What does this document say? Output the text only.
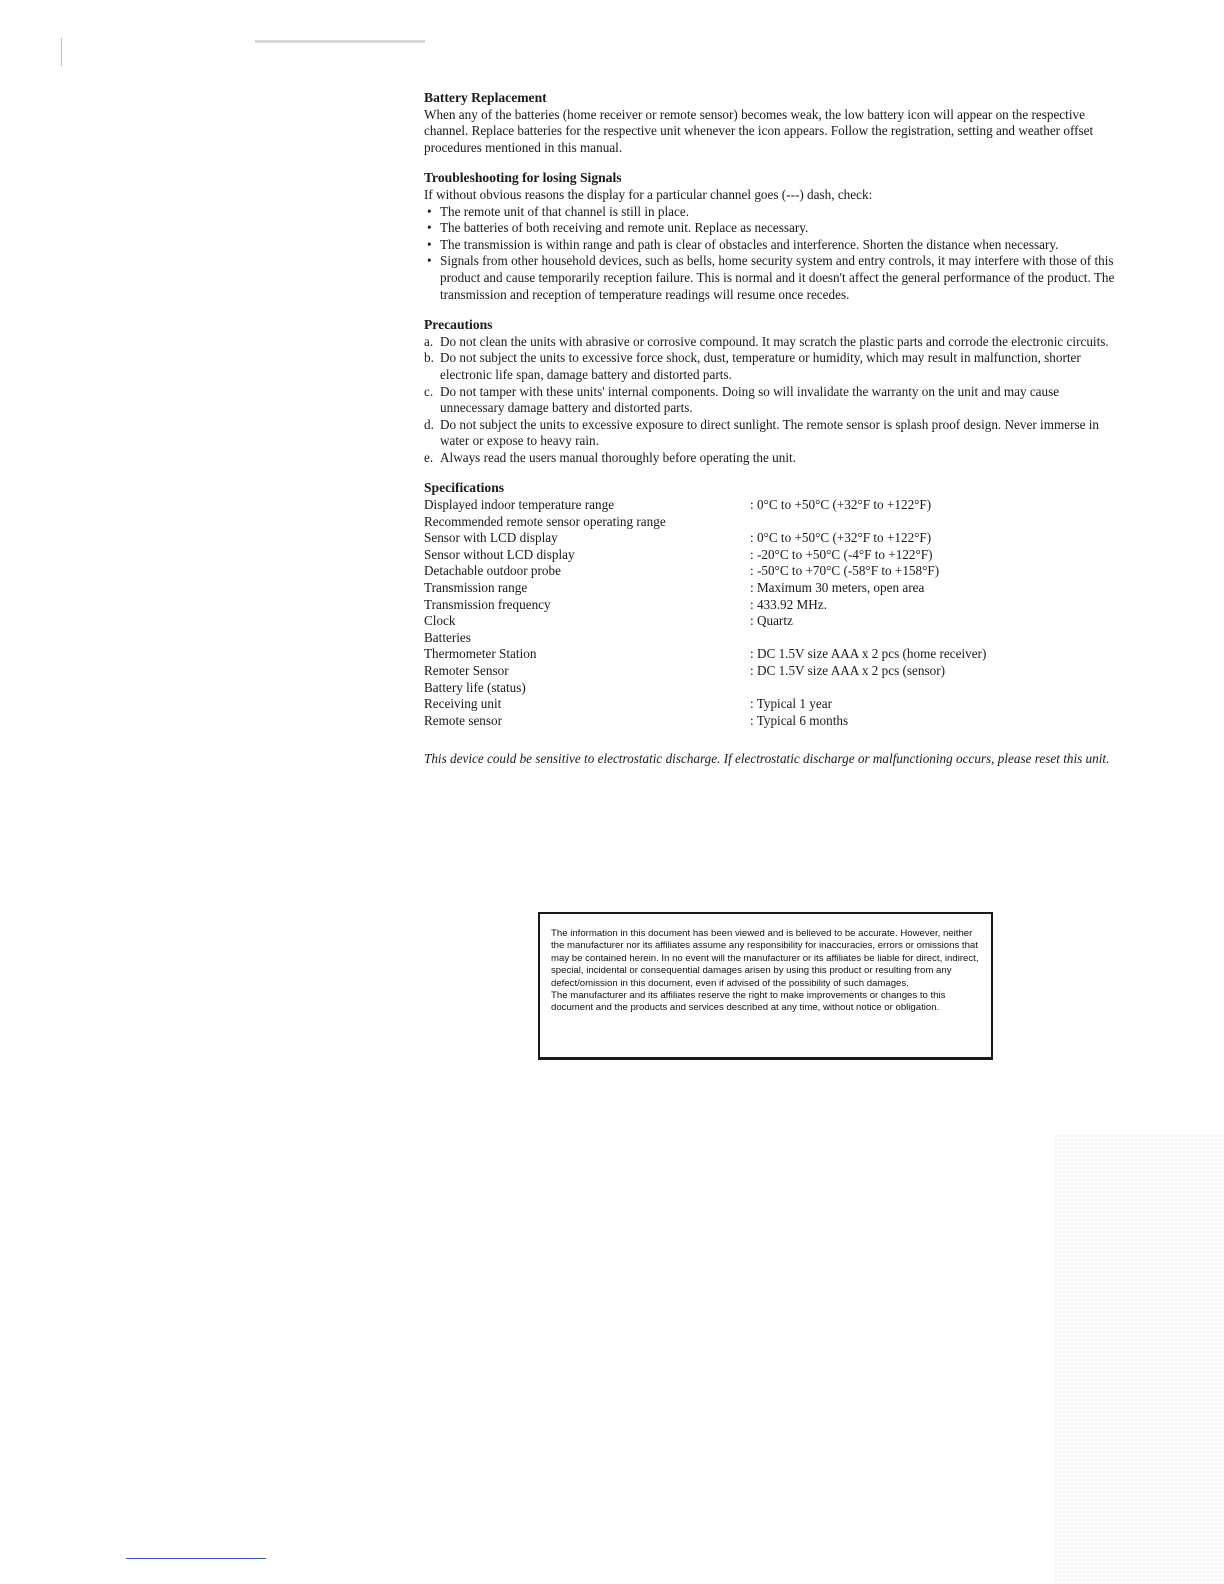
Battery Replacement

When any of the batteries (home receiver or remote sensor) becomes weak, the low battery icon will appear on the respective channel. Replace batteries for the respective unit whenever the icon appears. Follow the registration, setting and weather offset procedures mentioned in this manual.

Troubleshooting for losing Signals

If without obvious reasons the display for a particular channel goes (---) dash, check:

• The remote unit of that channel is still in place.
• The batteries of both receiving and remote unit. Replace as necessary.
• The transmission is within range and path is clear of obstacles and interference. Shorten the distance when necessary.
• Signals from other household devices, such as bells, home security system and entry controls, it may interfere with those of this product and cause temporarily reception failure. This is normal and it doesn't affect the general performance of the product. The transmission and reception of temperature readings will resume once recedes.

Precautions

a. Do not clean the units with abrasive or corrosive compound. It may scratch the plastic parts and corrode the electronic circuits.
b. Do not subject the units to excessive force shock, dust, temperature or humidity, which may result in malfunction, shorter electronic life span, damage battery and distorted parts.
c. Do not tamper with these units' internal components. Doing so will invalidate the warranty on the unit and may cause unnecessary damage battery and distorted parts.
d. Do not subject the units to excessive exposure to direct sunlight. The remote sensor is splash proof design. Never immerse in water or expose to heavy rain.
e. Always read the users manual thoroughly before operating the unit.

Specifications

Displayed indoor temperature range	: 0°C to +50°C (+32°F to +122°F)
Recommended remote sensor operating range
Sensor with LCD display	: 0°C to +50°C (+32°F to +122°F)
Sensor without LCD display	: -20°C to +50°C (-4°F to +122°F)
Detachable outdoor probe	: -50°C to +70°C (-58°F to +158°F)
Transmission range	: Maximum 30 meters, open area
Transmission frequency	: 433.92 MHz.
Clock	: Quartz
Batteries
Thermometer Station	: DC 1.5V size AAA x 2 pcs (home receiver)
Remoter Sensor	: DC 1.5V size AAA x 2 pcs (sensor)
Battery life (status)
Receiving unit	: Typical 1 year
Remote sensor	: Typical 6 months

This device could be sensitive to electrostatic discharge. If electrostatic discharge or malfunctioning occurs, please reset this unit.

The information in this document has been viewed and is believed to be accurate. However, neither the manufacturer nor its affiliates assume any responsibility for inaccuracies, errors or omissions that may be contained herein. In no event will the manufacturer or its affiliates be liable for direct, indirect, special, incidental or consequential damages arisen by using this product or resulting from any defect/omission in this document, even if advised of the possibility of such damages.

The manufacturer and its affiliates reserve the right to make improvements or changes to this document and the products and services described at any time, without notice or obligation.
